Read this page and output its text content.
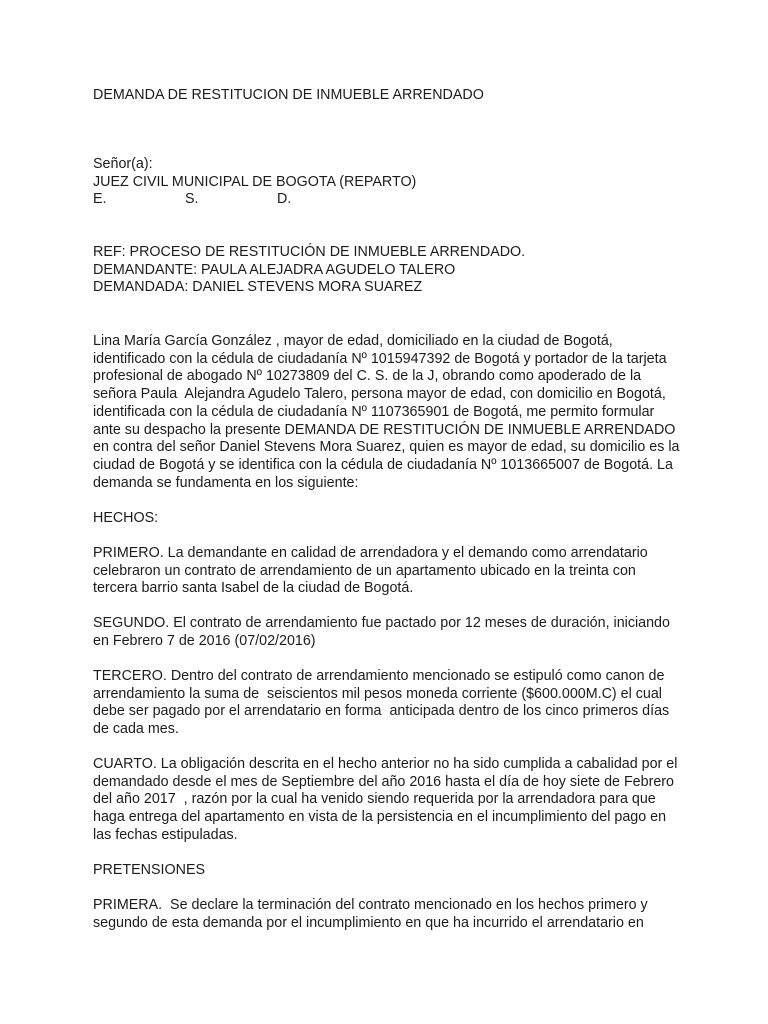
DEMANDA DE RESTITUCION DE INMUEBLE ARRENDADO
Señor(a):
JUEZ CIVIL MUNICIPAL DE BOGOTA (REPARTO)
E.	S.	D.
REF: PROCESO DE RESTITUCIÓN DE INMUEBLE ARRENDADO.
DEMANDANTE: PAULA ALEJADRA AGUDELO TALERO
DEMANDADA: DANIEL STEVENS MORA SUAREZ
Lina María García González , mayor de edad, domiciliado en la ciudad de Bogotá,
identificado con la cédula de ciudadanía Nº 1015947392 de Bogotá y portador de la tarjeta
profesional de abogado Nº 10273809 del C. S. de la J, obrando como apoderado de la
señora Paula  Alejandra Agudelo Talero, persona mayor de edad, con domicilio en Bogotá,
identificada con la cédula de ciudadanía Nº 1107365901 de Bogotá, me permito formular
ante su despacho la presente DEMANDA DE RESTITUCIÓN DE INMUEBLE ARRENDADO
en contra del señor Daniel Stevens Mora Suarez, quien es mayor de edad, su domicilio es la
ciudad de Bogotá y se identifica con la cédula de ciudadanía Nº 1013665007 de Bogotá. La
demanda se fundamenta en los siguiente:
HECHOS:
PRIMERO. La demandante en calidad de arrendadora y el demando como arrendatario
celebraron un contrato de arrendamiento de un apartamento ubicado en la treinta con
tercera barrio santa Isabel de la ciudad de Bogotá.
SEGUNDO. El contrato de arrendamiento fue pactado por 12 meses de duración, iniciando
en Febrero 7 de 2016 (07/02/2016)
TERCERO. Dentro del contrato de arrendamiento mencionado se estipuló como canon de
arrendamiento la suma de  seiscientos mil pesos moneda corriente ($600.000M.C) el cual
debe ser pagado por el arrendatario en forma  anticipada dentro de los cinco primeros días
de cada mes.
CUARTO. La obligación descrita en el hecho anterior no ha sido cumplida a cabalidad por el
demandado desde el mes de Septiembre del año 2016 hasta el día de hoy siete de Febrero
del año 2017  , razón por la cual ha venido siendo requerida por la arrendadora para que
haga entrega del apartamento en vista de la persistencia en el incumplimiento del pago en
las fechas estipuladas.
PRETENSIONES
PRIMERA.  Se declare la terminación del contrato mencionado en los hechos primero y
segundo de esta demanda por el incumplimiento en que ha incurrido el arrendatario en
